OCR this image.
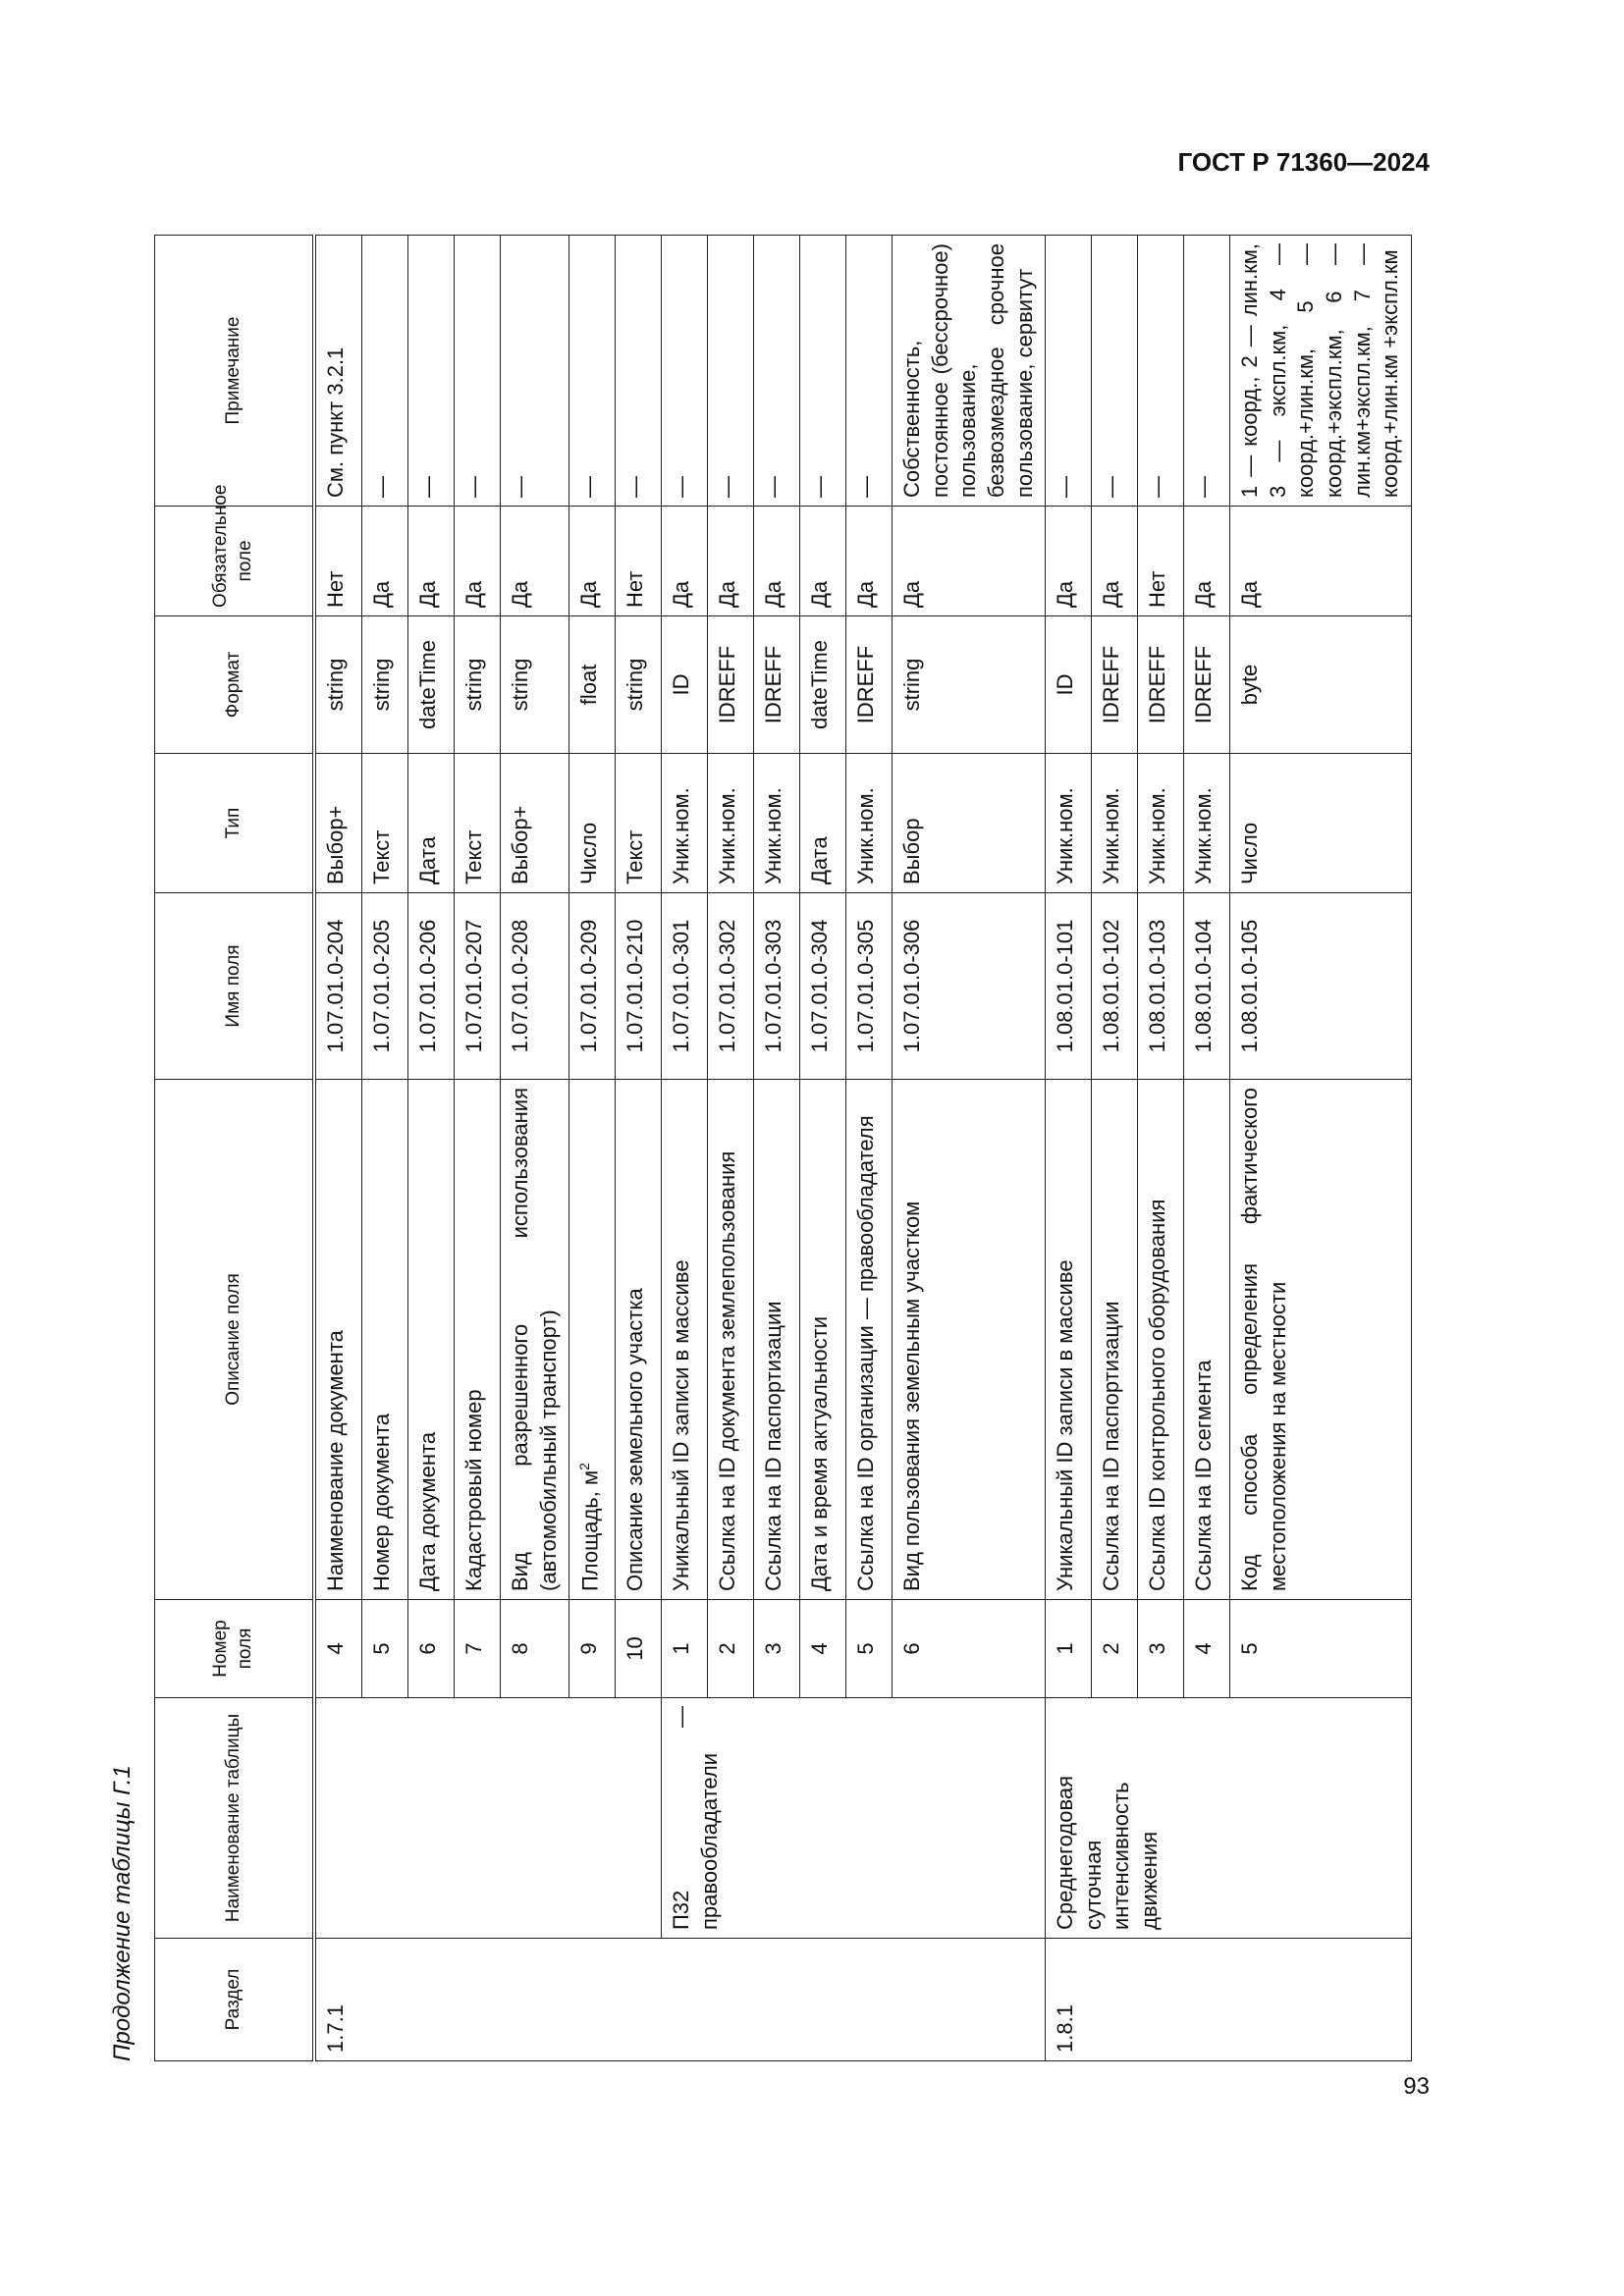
ГОСТ Р 71360—2024
93
Продолжение таблицы Г.1	Раздел	Наименование таблицы	Номер поля	Описание поля	Имя поля	Тип	Формат	Обязательное поле	Примечание
1.7.1		4	Наименование документа	1.07.01.0-204	Выбор+	string	Нет	См. пункт 3.2.1
		5	Номер документа	1.07.01.0-205	Текст	string	Да	—
		6	Дата документа	1.07.01.0-206	Дата	dateTime	Да	—
		7	Кадастровый номер	1.07.01.0-207	Текст	string	Да	—
		8	Вид разрешенного использования (автомобильный транспорт)	1.07.01.0-208	Выбор+	string	Да	—
		9	Площадь, $м^2$	1.07.01.0-209	Число	float	Да	—
		10	Описание земельного участка	1.07.01.0-210	Текст	string	Нет	—
	П32 — правообладатели	1	Уникальный ID записи в массиве	1.07.01.0-301	Уник.ном.	ID	Да	—
		2	Ссылка на ID документа землепользования	1.07.01.0-302	Уник.ном.	IDREFF	Да	—
		3	Ссылка на ID паспортизации	1.07.01.0-303	Уник.ном.	IDREFF	Да	—
		4	Дата и время актуальности	1.07.01.0-304	Дата	dateTime	Да	—
		5	Ссылка на ID организации — правообладателя	1.07.01.0-305	Уник.ном.	IDREFF	Да	—
		6	Вид пользования земельным участком	1.07.01.0-306	Выбор	string	Да	Собственность, постоянное (бессрочное) пользование, безвозмездное срочное пользование, сервитут
1.8.1	Среднегодовая суточная интенсивность движения	1	Уникальный ID записи в массиве	1.08.01.0-101	Уник.ном.	ID	Да	—
		2	Ссылка на ID паспортизации	1.08.01.0-102	Уник.ном.	IDREFF	Да	—
		3	Ссылка ID контрольного оборудования	1.08.01.0-103	Уник.ном.	IDREFF	Нет	—
		4	Ссылка на ID сегмента	1.08.01.0-104	Уник.ном.	IDREFF	Да	—
		5	Код способа определения фактического местоположения на местности	1.08.01.0-105	Число	byte	Да	1 — коорд., 2 — лин.км, 3 — экспл.км, 4 — коорд.+лин.км, 5 — коорд.+экспл.км, 6 — лин.км+экспл.км, 7 — коорд.+лин.км +экспл.км
